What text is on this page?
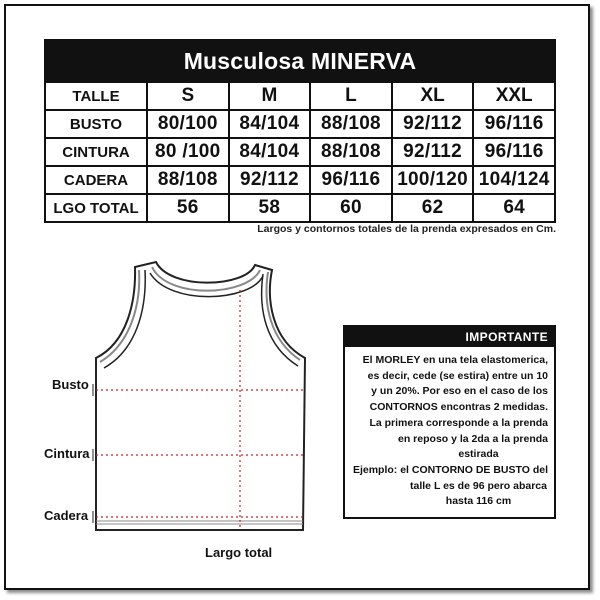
Musculosa MINERVA					
TALLE	S	M	L	XL	XXL
BUSTO	80/100	84/104	88/108	92/112	96/116
CINTURA	80 /100	84/104	88/108	92/112	96/116
CADERA	88/108	92/112	96/116	100/120	104/124
LGO TOTAL	56	58	60	62	64
Largos y contornos totales de la prenda expresados en Cm.
Busto
Cintura
Cadera
Largo total
IMPORTANTE

El MORLEY en una tela elastomerica,

es decir, cede (se estira) entre un 10

y un 20%. Por eso en el caso de los

CONTORNOS encontras 2 medidas.

La primera corresponde a la prenda

en reposo y la 2da a la prenda

estirada

Ejemplo: el CONTORNO DE BUSTO del

talle L es de 96 pero abarca

hasta 116 cm
